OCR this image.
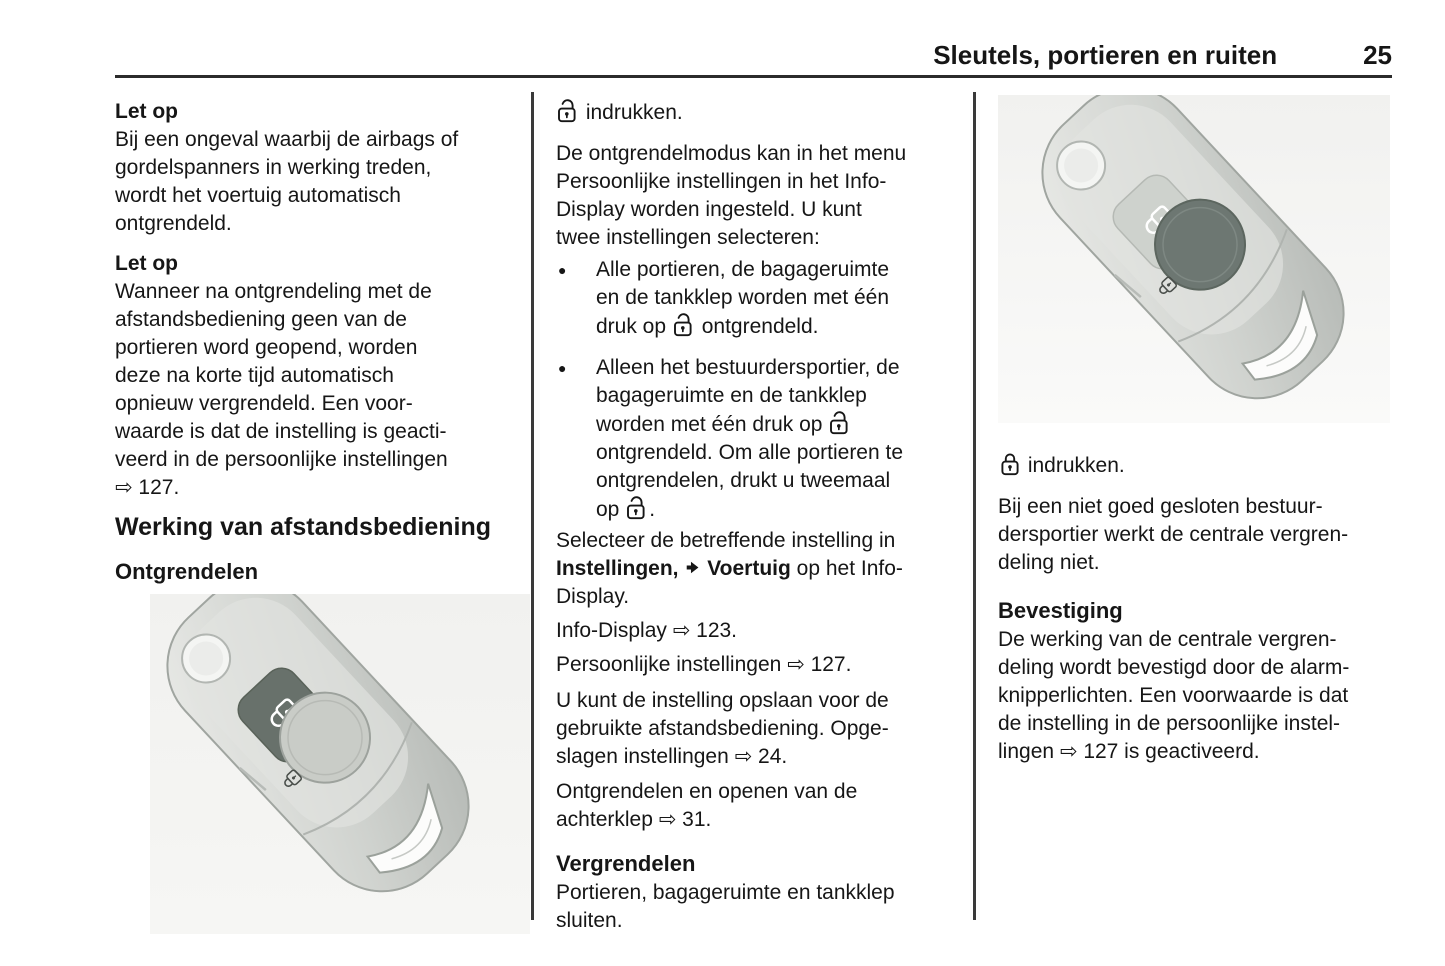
Sleutels, portieren en ruiten	25

Let op

Bij een ongeval waarbij de airbags of
gordelspanners in werking treden,
wordt het voertuig automatisch
ontgrendeld.

Let op

Wanneer na ontgrendeling met de
afstandsbediening geen van de
portieren word geopend, worden
deze na korte tijd automatisch
opnieuw vergrendeld. Een voor-
waarde is dat de instelling is geacti-
veerd in de persoonlijke instellingen
⇨ 127.

Werking van afstandsbediening

Ontgrendelen

indrukken.

De ontgrendelmodus kan in het menu
Persoonlijke instellingen in het Info-
Display worden ingesteld. U kunt
twee instellingen selecteren:

●	Alle portieren, de bagageruimte
en de tankklep worden met één
druk op  ontgrendeld.
●	Alleen het bestuurdersportier, de
bagageruimte en de tankklep
worden met één druk op
ontgrendeld. Om alle portieren te
ontgrendelen, drukt u tweemaal
op .

Selecteer de betreffende instelling in
Instellingen,  Voertuig op het Info-
Display.

Info-Display ⇨ 123.

Persoonlijke instellingen ⇨ 127.

U kunt de instelling opslaan voor de
gebruikte afstandsbediening. Opge-
slagen instellingen ⇨ 24.

Ontgrendelen en openen van de
achterklep ⇨ 31.

Vergrendelen

Portieren, bagageruimte en tankklep
sluiten.

indrukken.

Bij een niet goed gesloten bestuur-
dersportier werkt de centrale vergren-
deling niet.

Bevestiging

De werking van de centrale vergren-
deling wordt bevestigd door de alarm-
knipperlichten. Een voorwaarde is dat
de instelling in de persoonlijke instel-
lingen ⇨ 127 is geactiveerd.
